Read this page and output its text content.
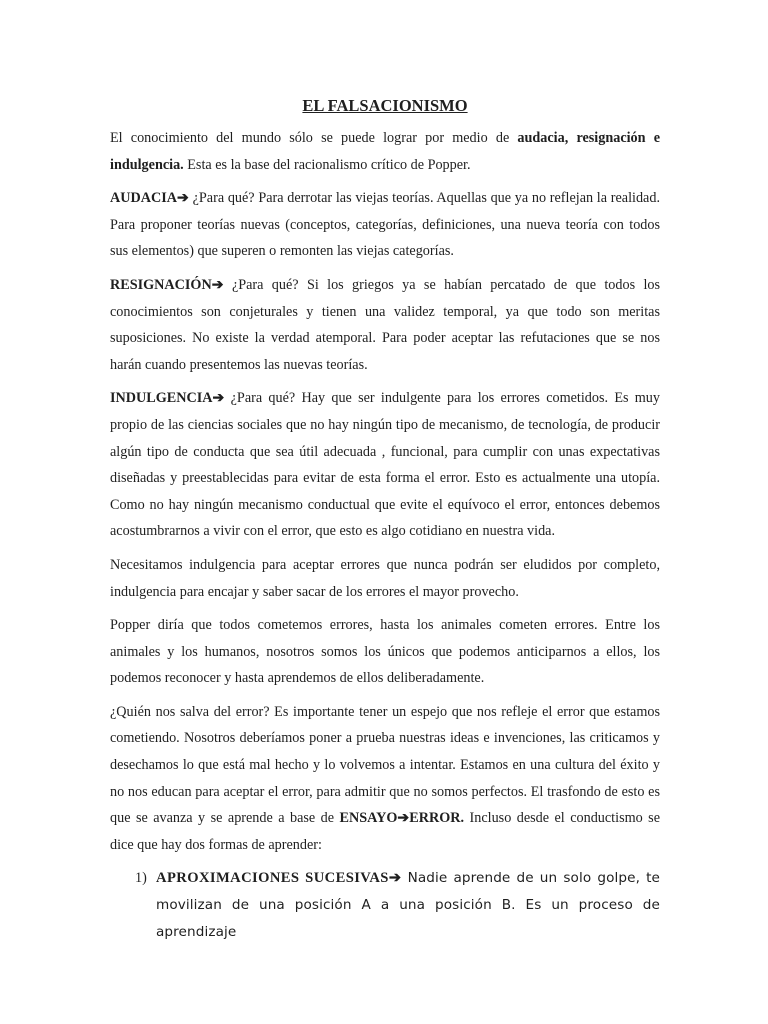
EL FALSACIONISMO

El conocimiento del mundo sólo se puede lograr por medio de audacia, resignación e indulgencia. Esta es la base del racionalismo crítico de Popper.

AUDACIA➔ ¿Para qué? Para derrotar las viejas teorías. Aquellas que ya no reflejan la realidad. Para proponer teorías nuevas (conceptos, categorías, definiciones, una nueva teoría con todos sus elementos) que superen o remonten las viejas categorías.

RESIGNACIÓN➔ ¿Para qué? Si los griegos ya se habían percatado de que todos los conocimientos son conjeturales y tienen una validez temporal, ya que todo son meritas suposiciones. No existe la verdad atemporal. Para poder aceptar las refutaciones que se nos harán cuando presentemos las nuevas teorías.

INDULGENCIA➔ ¿Para qué? Hay que ser indulgente para los errores cometidos. Es muy propio de las ciencias sociales que no hay ningún tipo de mecanismo, de tecnología, de producir algún tipo de conducta que sea útil adecuada , funcional, para cumplir con unas expectativas diseñadas y preestablecidas para evitar de esta forma el error. Esto es actualmente una utopía. Como no hay ningún mecanismo conductual que evite el equívoco el error, entonces debemos acostumbrarnos a vivir con el error, que esto es algo cotidiano en nuestra vida.

Necesitamos indulgencia para aceptar errores que nunca podrán ser eludidos por completo, indulgencia para encajar y saber sacar de los errores el mayor provecho.

Popper diría que todos cometemos errores, hasta los animales cometen errores. Entre los animales y los humanos, nosotros somos los únicos que podemos anticiparnos a ellos, los podemos reconocer y hasta aprendemos de ellos deliberadamente.

¿Quién nos salva del error? Es importante tener un espejo que nos refleje el error que estamos cometiendo. Nosotros deberíamos poner a prueba nuestras ideas e invenciones, las criticamos y desechamos lo que está mal hecho y lo volvemos a intentar. Estamos en una cultura del éxito y no nos educan para aceptar el error, para admitir que no somos perfectos. El trasfondo de esto es que se avanza y se aprende a base de ENSAYO➔ERROR. Incluso desde el conductismo se dice que hay dos formas de aprender:

1) APROXIMACIONES SUCESIVAS➔ Nadie aprende de un solo golpe, te movilizan de una posición A a una posición B. Es un proceso de aprendizaje
